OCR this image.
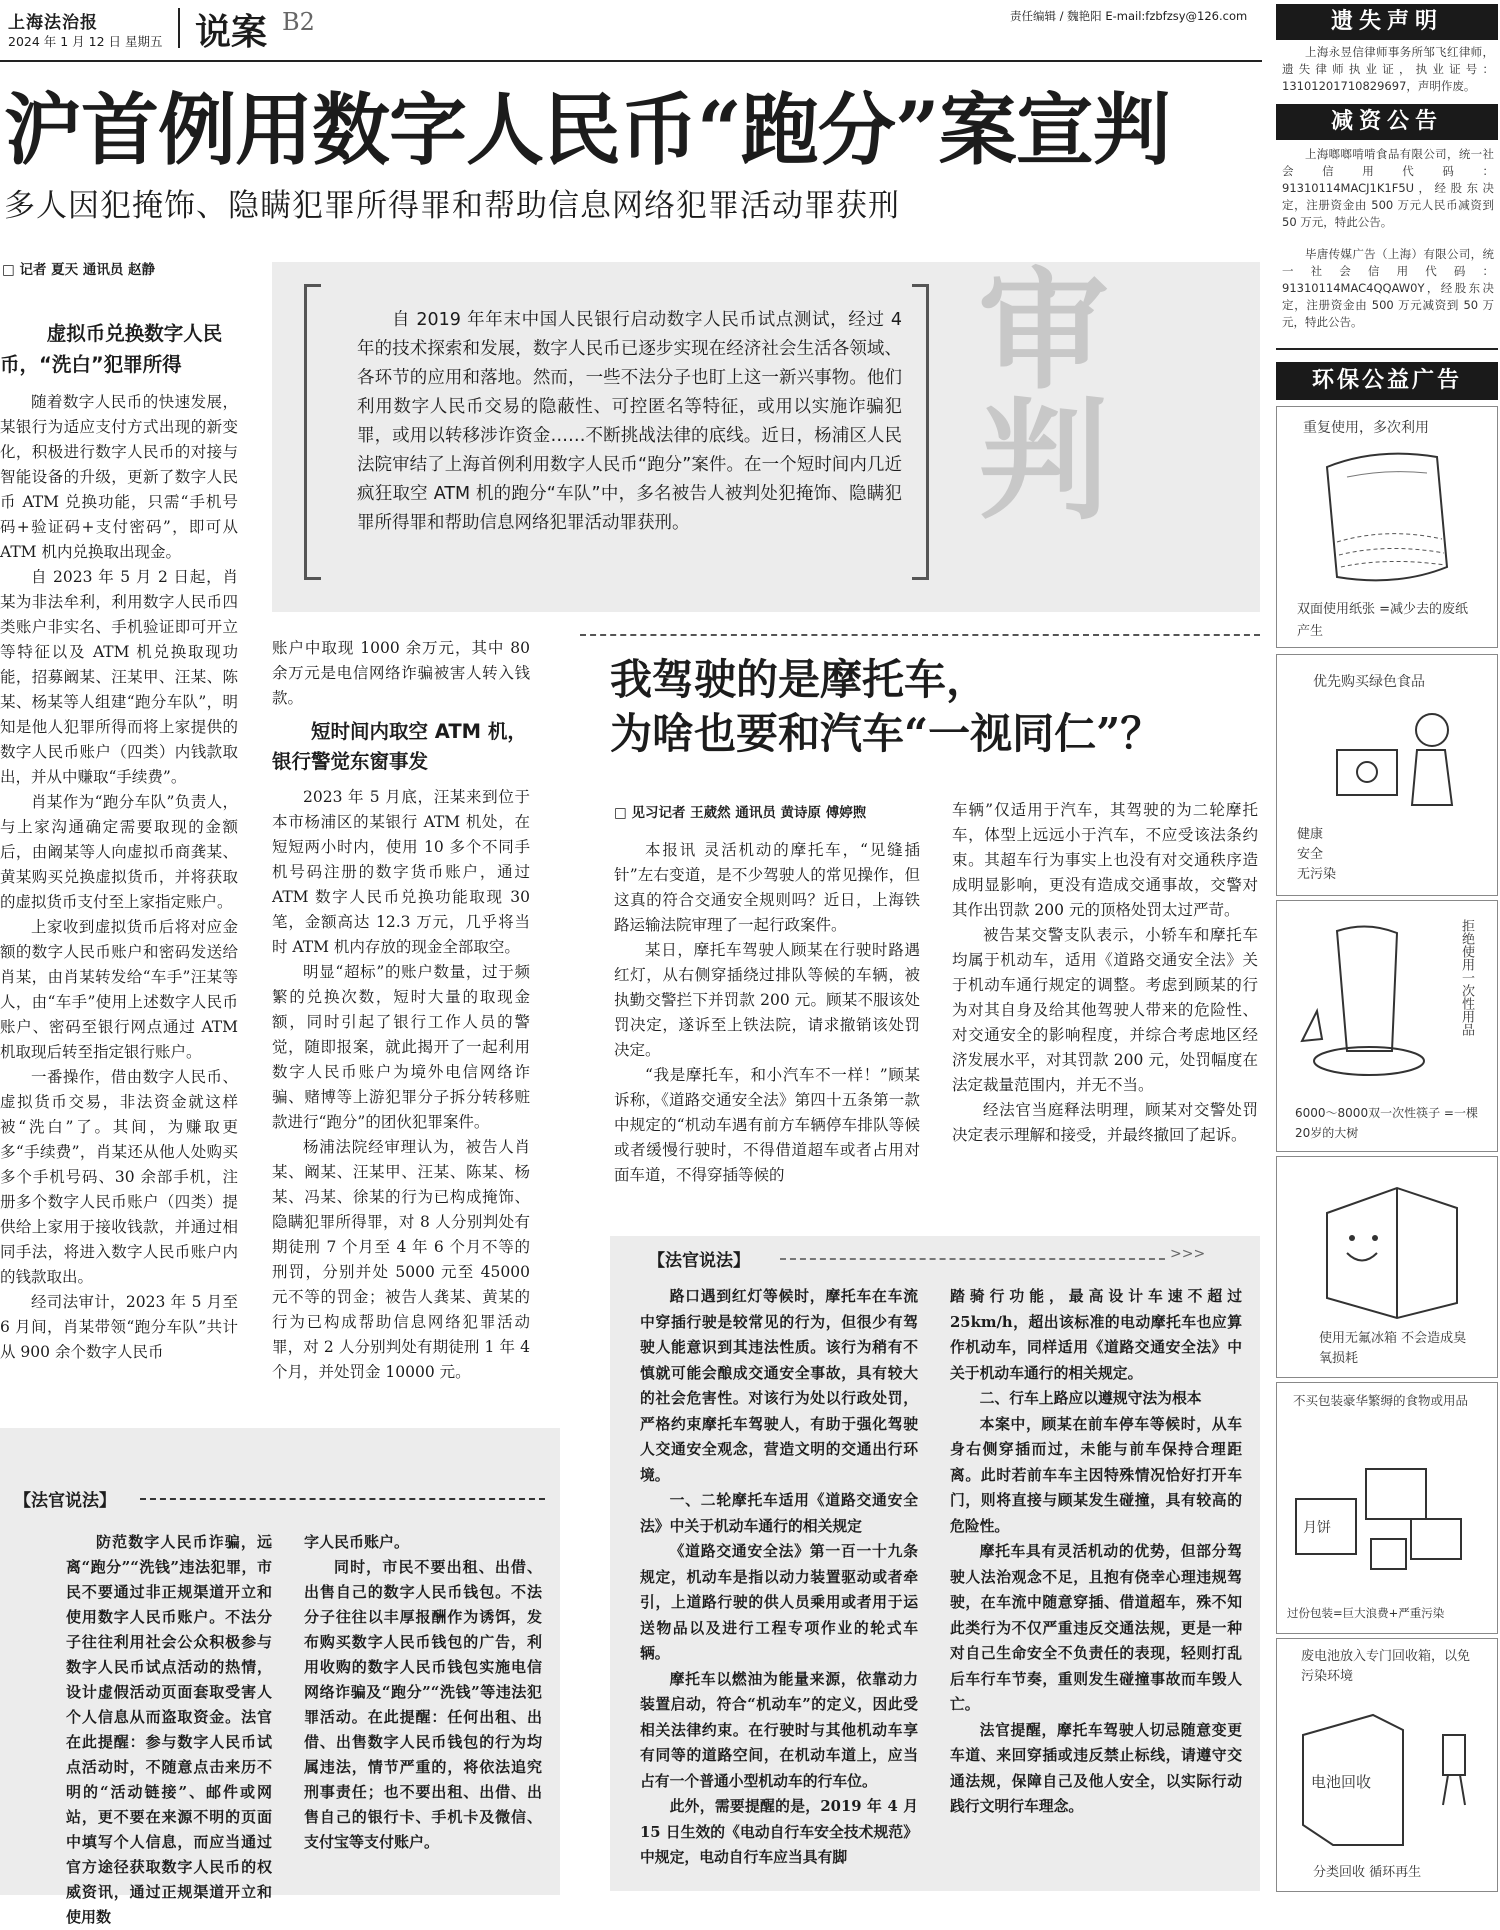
上海法治报
2024 年 1 月 12 日 星期五 说案 B2	责任编辑 / 魏艳阳 E-mail:fzbfzsy@126.com
沪首例用数字人民币“跑分”案宣判
多人因犯掩饰、隐瞒犯罪所得罪和帮助信息网络犯罪活动罪获刑
□ 记者 夏天 通讯员 赵静
自 2019 年年末中国人民银行启动数字人民币试点测试，经过 4 年的技术探索和发展，数字人民币已逐步实现在经济社会生活各领域、各环节的应用和落地。然而，一些不法分子也盯上这一新兴事物。他们利用数字人民币交易的隐蔽性、可控匿名等特征，或用以实施诈骗犯罪，或用以转移涉诈资金……不断挑战法律的底线。近日，杨浦区人民法院审结了上海首例利用数字人民币“跑分”案件。在一个短时间内几近疯狂取空 ATM 机的跑分“车队”中，多名被告人被判处犯掩饰、隐瞒犯罪所得罪和帮助信息网络犯罪活动罪获刑。
审判
虚拟币兑换数字人民币，“洗白”犯罪所得

随着数字人民币的快速发展，某银行为适应支付方式出现的新变化，积极进行数字人民币的对接与智能设备的升级，更新了数字人民币 ATM 兑换功能，只需“手机号码+验证码+支付密码”，即可从 ATM 机内兑换取出现金。

自 2023 年 5 月 2 日起，肖某为非法牟利，利用数字人民币四类账户非实名、手机验证即可开立等特征以及 ATM 机兑换取现功能，招募阚某、汪某甲、汪某、陈某、杨某等人组建“跑分车队”，明知是他人犯罪所得而将上家提供的数字人民币账户（四类）内钱款取出，并从中赚取“手续费”。

肖某作为“跑分车队”负责人，与上家沟通确定需要取现的金额后，由阚某等人向虚拟币商龚某、黄某购买兑换虚拟货币，并将获取的虚拟货币支付至上家指定账户。

上家收到虚拟货币后将对应金额的数字人民币账户和密码发送给肖某，由肖某转发给“车手”汪某等人，由“车手”使用上述数字人民币账户、密码至银行网点通过 ATM 机取现后转至指定银行账户。

一番操作，借由数字人民币、虚拟货币交易，非法资金就这样被“洗白”了。其间，为赚取更多“手续费”，肖某还从他人处购买多个手机号码、30 余部手机，注册多个数字人民币账户（四类）提供给上家用于接收钱款，并通过相同手法，将进入数字人民币账户内的钱款取出。

经司法审计，2023 年 5 月至 6 月间，肖某带领“跑分车队”共计从 900 余个数字人民币

账户中取现 1000 余万元，其中 80 余万元是电信网络诈骗被害人转入钱款。

短时间内取空 ATM 机，银行警觉东窗事发

2023 年 5 月底，汪某来到位于本市杨浦区的某银行 ATM 机处，在短短两小时内，使用 10 多个不同手机号码注册的数字货币账户，通过 ATM 数字人民币兑换功能取现 30 笔，金额高达 12.3 万元，几乎将当时 ATM 机内存放的现金全部取空。

明显“超标”的账户数量，过于频繁的兑换次数，短时大量的取现金额，同时引起了银行工作人员的警觉，随即报案，就此揭开了一起利用数字人民币账户为境外电信网络诈骗、赌博等上游犯罪分子拆分转移赃款进行“跑分”的团伙犯罪案件。

杨浦法院经审理认为，被告人肖某、阚某、汪某甲、汪某、陈某、杨某、冯某、徐某的行为已构成掩饰、隐瞒犯罪所得罪，对 8 人分别判处有期徒刑 7 个月至 4 年 6 个月不等的刑罚，分别并处 5000 元至 45000 元不等的罚金；被告人龚某、黄某的行为已构成帮助信息网络犯罪活动罪，对 2 人分别判处有期徒刑 1 年 4 个月，并处罚金 10000 元。

【法官说法】

防范数字人民币诈骗，远离“跑分”“洗钱”违法犯罪，市民不要通过非正规渠道开立和使用数字人民币账户。不法分子往往利用社会公众积极参与数字人民币试点活动的热情，设计虚假活动页面套取受害人个人信息从而盗取资金。法官在此提醒：参与数字人民币试点活动时，不随意点击来历不明的“活动链接”、邮件或网站，更不要在来源不明的页面中填写个人信息，而应当通过官方途径获取数字人民币的权威资讯，通过正规渠道开立和使用数

字人民币账户。

同时，市民不要出租、出借、出售自己的数字人民币钱包。不法分子往往以丰厚报酬作为诱饵，发布购买数字人民币钱包的广告，利用收购的数字人民币钱包实施电信网络诈骗及“跑分”“洗钱”等违法犯罪活动。在此提醒：任何出租、出借、出售数字人民币钱包的行为均属违法，情节严重的，将依法追究刑事责任；也不要出租、出借、出售自己的银行卡、手机卡及微信、支付宝等支付账户。

我驾驶的是摩托车，
为啥也要和汽车“一视同仁”？
□ 见习记者 王葳然 通讯员 黄诗原 傅婷煦

本报讯 灵活机动的摩托车，“见缝插针”左右变道，是不少驾驶人的常见操作，但这真的符合交通安全规则吗？近日，上海铁路运输法院审理了一起行政案件。

某日，摩托车驾驶人顾某在行驶时路遇红灯，从右侧穿插绕过排队等候的车辆，被执勤交警拦下并罚款 200 元。顾某不服该处罚决定，遂诉至上铁法院，请求撤销该处罚决定。

“我是摩托车，和小汽车不一样！”顾某诉称，《道路交通安全法》第四十五条第一款中规定的“机动车遇有前方车辆停车排队等候或者缓慢行驶时，不得借道超车或者占用对面车道，不得穿插等候的

车辆”仅适用于汽车，其驾驶的为二轮摩托车，体型上远远小于汽车，不应受该法条约束。其超车行为事实上也没有对交通秩序造成明显影响，更没有造成交通事故，交警对其作出罚款 200 元的顶格处罚太过严苛。

被告某交警支队表示，小轿车和摩托车均属于机动车，适用《道路交通安全法》关于机动车通行规定的调整。考虑到顾某的行为对其自身及给其他驾驶人带来的危险性、对交通安全的影响程度，并综合考虑地区经济发展水平，对其罚款 200 元，处罚幅度在法定裁量范围内，并无不当。

经法官当庭释法明理，顾某对交警处罚决定表示理解和接受，并最终撤回了起诉。

【法官说法】	>>>
路口遇到红灯等候时，摩托车在车流中穿插行驶是较常见的行为，但很少有驾驶人能意识到其违法性质。该行为稍有不慎就可能会酿成交通安全事故，具有较大的社会危害性。对该行为处以行政处罚，严格约束摩托车驾驶人，有助于强化驾驶人交通安全观念，营造文明的交通出行环境。
一、二轮摩托车适用《道路交通安全法》中关于机动车通行的相关规定
《道路交通安全法》第一百一十九条规定，机动车是指以动力装置驱动或者牵引，上道路行驶的供人员乘用或者用于运送物品以及进行工程专项作业的轮式车辆。
摩托车以燃油为能量来源，依靠动力装置启动，符合“机动车”的定义，因此受相关法律约束。在行驶时与其他机动车享有同等的道路空间，在机动车道上，应当占有一个普通小型机动车的行车位。
此外，需要提醒的是，2019 年 4 月 15 日生效的《电动自行车安全技术规范》中规定，电动自行车应当具有脚
踏骑行功能，最高设计车速不超过 25km/h，超出该标准的电动摩托车也应算作机动车，同样适用《道路交通安全法》中关于机动车通行的相关规定。
二、行车上路应以遵规守法为根本
本案中，顾某在前车停车等候时，从车身右侧穿插而过，未能与前车保持合理距离。此时若前车车主因特殊情况恰好打开车门，则将直接与顾某发生碰撞，具有较高的危险性。
摩托车具有灵活机动的优势，但部分驾驶人法治观念不足，且抱有侥幸心理违规驾驶，在车流中随意穿插、借道超车，殊不知此类行为不仅严重违反交通法规，更是一种对自己生命安全不负责任的表现，轻则打乱后车行车节奏，重则发生碰撞事故而车毁人亡。
法官提醒，摩托车驾驶人切忌随意变更车道、来回穿插或违反禁止标线，请遵守交通法规，保障自己及他人安全，以实际行动践行文明行车理念。
遗失声明
上海永昱信律师事务所邹飞红律师，遗失律师执业证，执业证号：13101201710829697，声明作废。
减资公告
上海啷啷啃啃食品有限公司，统一社会信用代码：91310114MACJ1K1F5U，经股东决定，注册资金由 500 万元人民币减资到 50 万元，特此公告。
毕唐传媒广告（上海）有限公司，统一社会信用代码：91310114MAC4QQAW0Y，经股东决定，注册资金由 500 万元减资到 50 万元，特此公告。
环保公益广告
重复使用，多次利用
双面使用纸张 =减少去的废纸产生
优先购买绿色食品
健康
安全
无污染
拒绝使用一次性用品
6000～8000双一次性筷子 =一棵20岁的大树
使用无氟冰箱 不会造成臭氧损耗
不买包装豪华繁缛的食物或用品
月饼
过份包装=巨大浪费+严重污染
废电池放入专门回收箱，以免污染环境
电池回收
分类回收 循环再生
